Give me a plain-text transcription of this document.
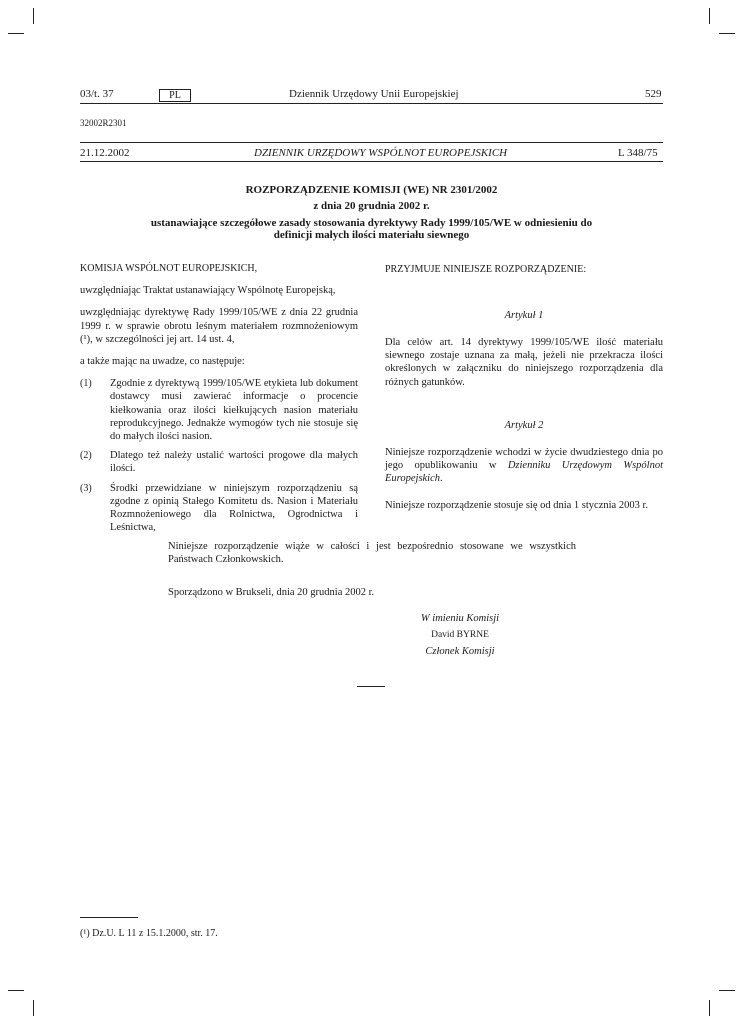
03/t. 37	PL	Dziennik Urzędowy Unii Europejskiej	529
32002R2301
21.12.2002	DZIENNIK URZĘDOWY WSPÓLNOT EUROPEJSKICH	L 348/75
ROZPORZĄDZENIE KOMISJI (WE) NR 2301/2002
z dnia 20 grudnia 2002 r.
ustanawiające szczegółowe zasady stosowania dyrektywy Rady 1999/105/WE w odniesieniu do
definicji małych ilości materiału siewnego

KOMISJA WSPÓLNOT EUROPEJSKICH,

uwzględniając Traktat ustanawiający Wspólnotę Europejską,

uwzględniając dyrektywę Rady 1999/105/WE z dnia 22 grudnia 1999 r. w sprawie obrotu leśnym materiałem rozmnożeniowym (¹), w szczególności jej art. 14 ust. 4,

a także mając na uwadze, co następuje:

(1) Zgodnie z dyrektywą 1999/105/WE etykieta lub dokument dostawcy musi zawierać informacje o procencie kiełkowania oraz ilości kiełkujących nasion materiału reprodukcyjnego. Jednakże wymogów tych nie stosuje się do małych ilości nasion.
(2) Dlatego też należy ustalić wartości progowe dla małych ilości.
(3) Środki przewidziane w niniejszym rozporządzeniu są zgodne z opinią Stałego Komitetu ds. Nasion i Materiału Rozmnożeniowego dla Rolnictwa, Ogrodnictwa i Leśnictwa,
PRZYJMUJE NINIEJSZE ROZPORZĄDZENIE:
Artykuł 1
Dla celów art. 14 dyrektywy 1999/105/WE ilość materiału siewnego zostaje uznana za małą, jeżeli nie przekracza ilości określonych w załączniku do niniejszego rozporządzenia dla różnych gatunków.
Artykuł 2
Niniejsze rozporządzenie wchodzi w życie dwudziestego dnia po jego opublikowaniu w Dzienniku Urzędowym Wspólnot Europejskich.
Niniejsze rozporządzenie stosuje się od dnia 1 stycznia 2003 r.
Niniejsze rozporządzenie wiąże w całości i jest bezpośrednio stosowane we wszystkich Państwach Członkowskich.
Sporządzono w Brukseli, dnia 20 grudnia 2002 r.
W imieniu Komisji
David BYRNE
Członek Komisji
(¹) Dz.U. L 11 z 15.1.2000, str. 17.
